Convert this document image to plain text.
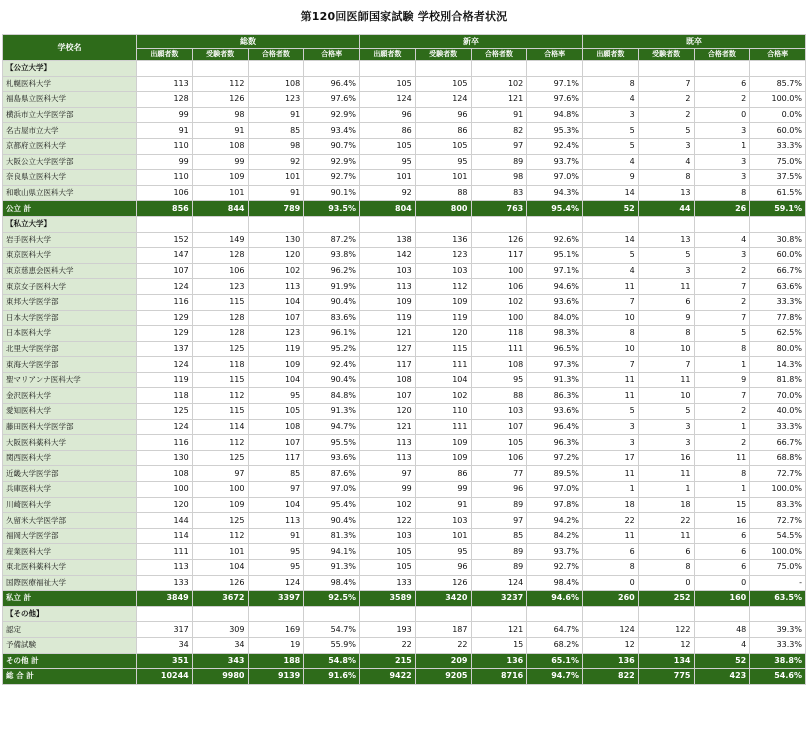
第120回医師国家試験 学校別合格者状況
学校名	総数				新卒				既卒			
	出願者数	受験者数	合格者数	合格率	出願者数	受験者数	合格者数	合格率	出願者数	受験者数	合格者数	合格率
【公立大学】												
札幌医科大学	113	112	108	96.4%	105	105	102	97.1%	8	7	6	85.7%
福島県立医科大学	128	126	123	97.6%	124	124	121	97.6%	4	2	2	100.0%
横浜市立大学医学部	99	98	91	92.9%	96	96	91	94.8%	3	2	0	0.0%
名古屋市立大学	91	91	85	93.4%	86	86	82	95.3%	5	5	3	60.0%
京都府立医科大学	110	108	98	90.7%	105	105	97	92.4%	5	3	1	33.3%
大阪公立大学医学部	99	99	92	92.9%	95	95	89	93.7%	4	4	3	75.0%
奈良県立医科大学	110	109	101	92.7%	101	101	98	97.0%	9	8	3	37.5%
和歌山県立医科大学	106	101	91	90.1%	92	88	83	94.3%	14	13	8	61.5%
公立 計	856	844	789	93.5%	804	800	763	95.4%	52	44	26	59.1%
【私立大学】												
岩手医科大学	152	149	130	87.2%	138	136	126	92.6%	14	13	4	30.8%
東京医科大学	147	128	120	93.8%	142	123	117	95.1%	5	5	3	60.0%
東京慈恵会医科大学	107	106	102	96.2%	103	103	100	97.1%	4	3	2	66.7%
東京女子医科大学	124	123	113	91.9%	113	112	106	94.6%	11	11	7	63.6%
東邦大学医学部	116	115	104	90.4%	109	109	102	93.6%	7	6	2	33.3%
日本大学医学部	129	128	107	83.6%	119	119	100	84.0%	10	9	7	77.8%
日本医科大学	129	128	123	96.1%	121	120	118	98.3%	8	8	5	62.5%
北里大学医学部	137	125	119	95.2%	127	115	111	96.5%	10	10	8	80.0%
東海大学医学部	124	118	109	92.4%	117	111	108	97.3%	7	7	1	14.3%
聖マリアンナ医科大学	119	115	104	90.4%	108	104	95	91.3%	11	11	9	81.8%
金沢医科大学	118	112	95	84.8%	107	102	88	86.3%	11	10	7	70.0%
愛知医科大学	125	115	105	91.3%	120	110	103	93.6%	5	5	2	40.0%
藤田医科大学医学部	124	114	108	94.7%	121	111	107	96.4%	3	3	1	33.3%
大阪医科薬科大学	116	112	107	95.5%	113	109	105	96.3%	3	3	2	66.7%
関西医科大学	130	125	117	93.6%	113	109	106	97.2%	17	16	11	68.8%
近畿大学医学部	108	97	85	87.6%	97	86	77	89.5%	11	11	8	72.7%
兵庫医科大学	100	100	97	97.0%	99	99	96	97.0%	1	1	1	100.0%
川崎医科大学	120	109	104	95.4%	102	91	89	97.8%	18	18	15	83.3%
久留米大学医学部	144	125	113	90.4%	122	103	97	94.2%	22	22	16	72.7%
福岡大学医学部	114	112	91	81.3%	103	101	85	84.2%	11	11	6	54.5%
産業医科大学	111	101	95	94.1%	105	95	89	93.7%	6	6	6	100.0%
東北医科薬科大学	113	104	95	91.3%	105	96	89	92.7%	8	8	6	75.0%
国際医療福祉大学	133	126	124	98.4%	133	126	124	98.4%	0	0	0	-
私立 計	3849	3672	3397	92.5%	3589	3420	3237	94.6%	260	252	160	63.5%
【その他】												
認定	317	309	169	54.7%	193	187	121	64.7%	124	122	48	39.3%
予備試験	34	34	19	55.9%	22	22	15	68.2%	12	12	4	33.3%
その他 計	351	343	188	54.8%	215	209	136	65.1%	136	134	52	38.8%
総 合 計	10244	9980	9139	91.6%	9422	9205	8716	94.7%	822	775	423	54.6%
